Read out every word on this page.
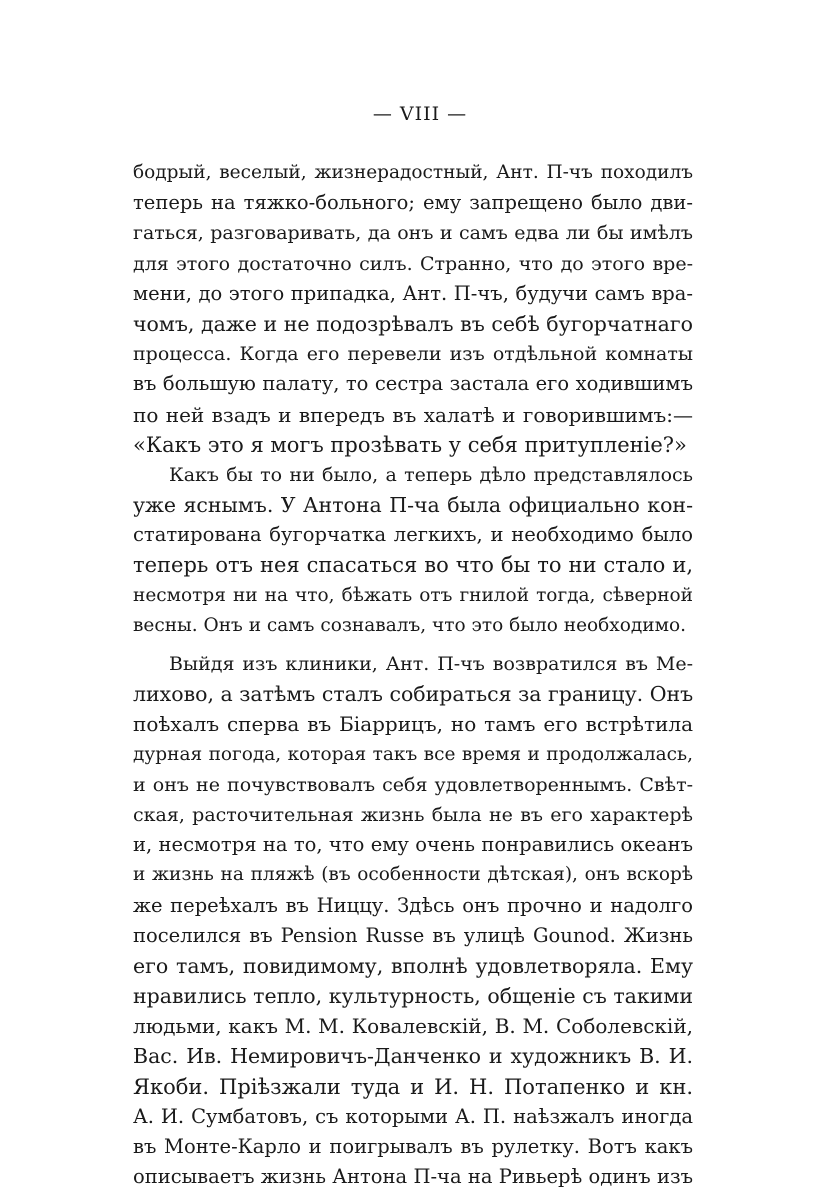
— VIII —
бодрый, веселый, жизнерадостный, Ант. П-чъ походилъ
теперь на тяжко-больного; ему запрещено было дви-
гаться, разговаривать, да онъ и самъ едва ли бы имѣлъ
для этого достаточно силъ. Странно, что до этого вре-
мени, до этого припадка, Ант. П-чъ, будучи самъ вра-
чомъ, даже и не подозрѣвалъ въ себѣ бугорчатнаго
процесса. Когда его перевели изъ отдѣльной комнаты
въ большую палату, то сестра застала его ходившимъ
по ней взадъ и впередъ въ халатѣ и говорившимъ:—
«Какъ это я могъ прозѣвать у себя притупленіе?»
Какъ бы то ни было, а теперь дѣло представлялось
уже яснымъ. У Антона П-ча была официально кон-
статирована бугорчатка легкихъ, и необходимо было
теперь отъ нея спасаться во что бы то ни стало и,
несмотря ни на что, бѣжать отъ гнилой тогда, сѣверной
весны. Онъ и самъ сознавалъ, что это было необходимо.
Выйдя изъ клиники, Ант. П-чъ возвратился въ Ме-
лихово, а затѣмъ сталъ собираться за границу. Онъ
поѣхалъ сперва въ Біаррицъ, но тамъ его встрѣтила
дурная погода, которая такъ все время и продолжалась,
и онъ не почувствовалъ себя удовлетвореннымъ. Свѣт-
ская, расточительная жизнь была не въ его характерѣ
и, несмотря на то, что ему очень понравились океанъ
и жизнь на пляжѣ (въ особенности дѣтская), онъ вскорѣ
же переѣхалъ въ Ниццу. Здѣсь онъ прочно и надолго
поселился въ Pension Russe въ улицѣ Gounod. Жизнь
его тамъ, повидимому, вполнѣ удовлетворяла. Ему
нравились тепло, культурность, общеніе съ такими
людьми, какъ М. М. Ковалевскій, В. М. Соболевскій,
Вас. Ив. Немировичъ-Данченко и художникъ В. И.
Якоби. Пріѣзжали туда и И. Н. Потапенко и кн.
А. И. Сумбатовъ, съ которыми А. П. наѣзжалъ иногда
въ Монте-Карло и поигрывалъ въ рулетку. Вотъ какъ
описываетъ жизнь Антона П-ча на Ривьерѣ одинъ изъ
